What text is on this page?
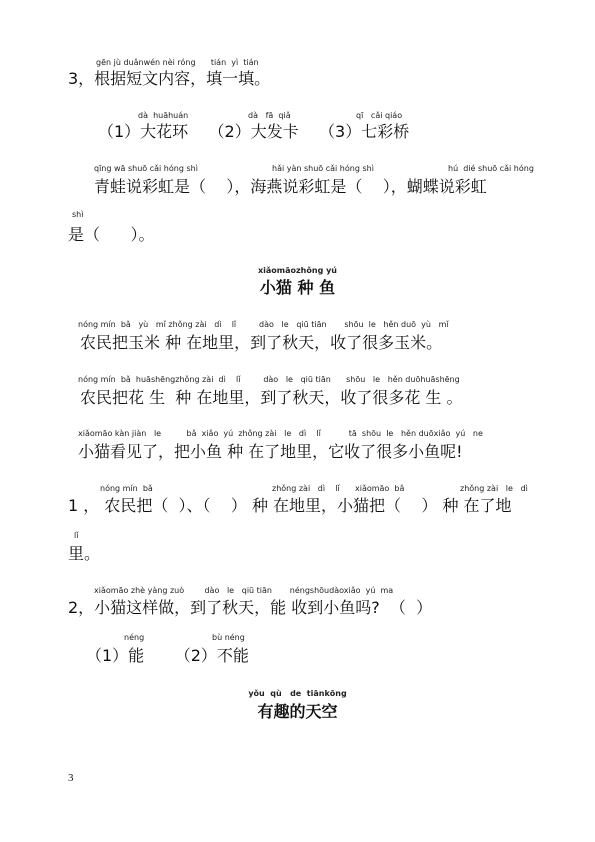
gēn jù duǎnwén nèi róng      tián  yì  tián
3，根据短文内容，填一填。
dà  huāhuán	dà   fā  qiǎ	qī   cǎi qiáo
（1）大花环    （2）大发卡    （3）七彩桥
qīng wā shuō cǎi hóng shì	hǎi yàn shuō cǎi hóng shì	hú  dié shuō cǎi hóng
青蛙说彩虹是（    ），海燕说彩虹是（    ），蝴蝶说彩虹
shì
是（      ）。
xiǎomāozhǒng yú
小猫 种 鱼
nóng mín  bǎ   yù   mǐ zhǒng zài   dì    lǐ         dào   le   qiū tiān       shōu  le   hěn duō  yù   mǐ
农民把玉米 种 在地里，到了秋天，收了很多玉米。
nóng mín  bǎ  huāshēngzhǒng zài  dì    lǐ         dào   le   qiū tiān      shōu   le   hěn duōhuāshēng
农民把花 生  种 在地里，到了秋天，收了很多花 生 。
xiǎomāo kàn jiàn   le          bǎ  xiǎo  yú  zhǒng zài   le   dì    lǐ           tā  shōu  le   hěn duōxiǎo  yú   ne
小猫看见了，把小鱼 种 在了地里，它收了很多小鱼呢!
nóng mín  bǎ	zhǒng zài   dì    lǐ      xiǎomāo  bǎ	zhǒng zài   le   dì
1 ， 农民把（  ）、（    ） 种 在地里，小猫把（    ） 种 在了地
lǐ
里。
xiǎomāo zhè yàng zuò        dào   le   qiū tiān       néngshōudàoxiǎo  yú  ma
2，小猫这样做，到了秋天，能 收到小鱼吗?  （  ）
néng	bù néng
（1）能      （2）不能
yǒu  qù   de  tiānkōng
有趣的天空
3
